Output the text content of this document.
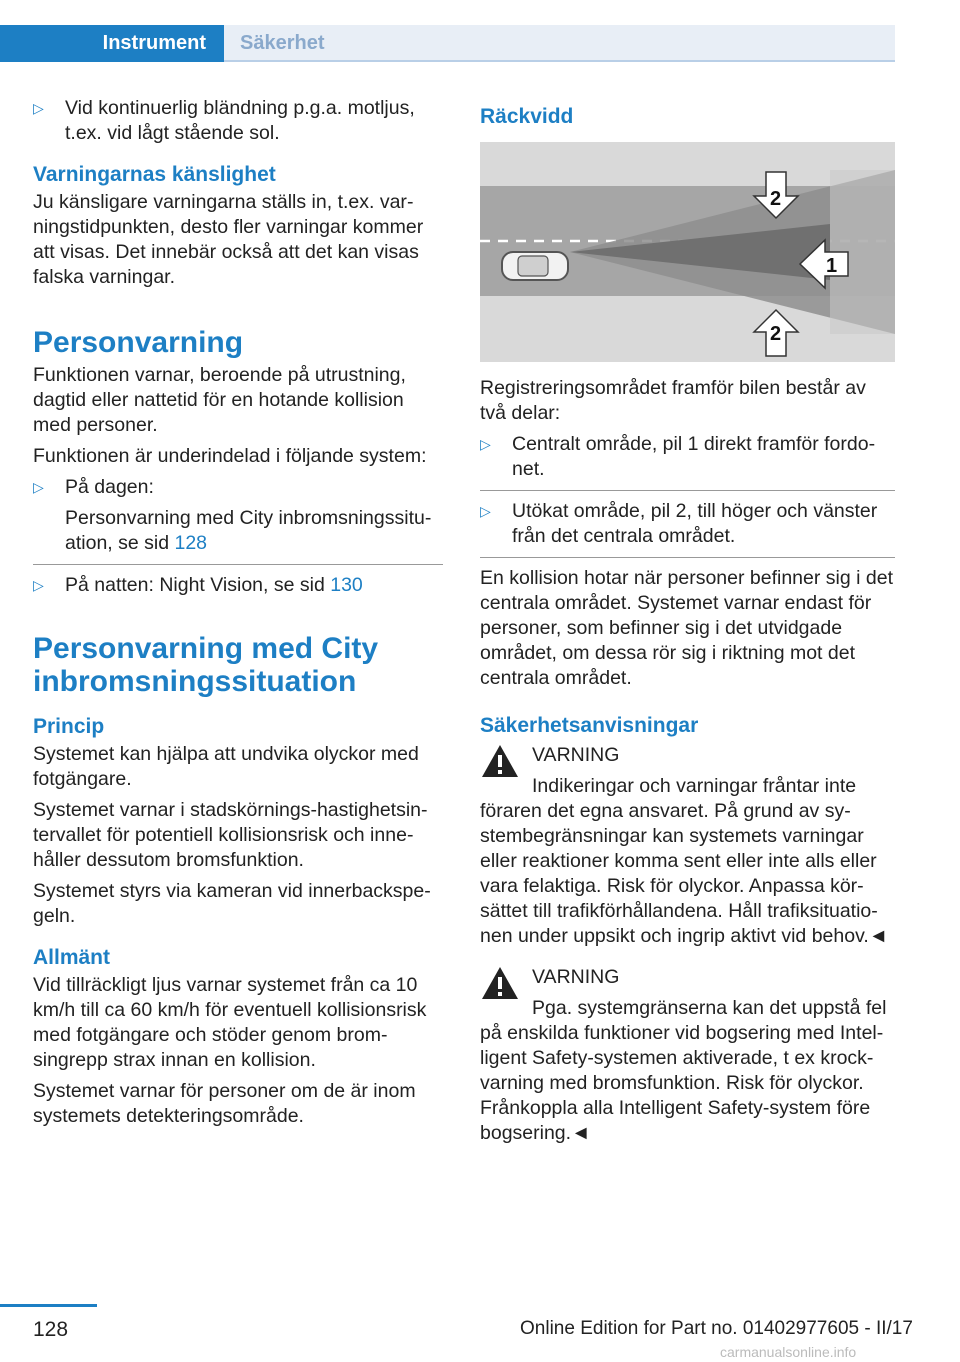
Instrument	Säkerhet
▷ Vid kontinuerlig bländning p.g.a. motljus, t.ex. vid lågt stående sol.
Varningarnas känslighet

Ju känsligare varningarna ställs in, t.ex. varningstidpunkten, desto fler varningar kommer att visas. Det innebär också att det kan visas falska varningar.

Personvarning

Funktionen varnar, beroende på utrustning, dagtid eller nattetid för en hotande kollision med personer.

Funktionen är underindelad i följande system:

▷ På dagen:
Personvarning med City inbromsningssituation, se sid 128
▷ På natten: Night Vision, se sid 130
Personvarning med City inbromsningssituation
Princip

Systemet kan hjälpa att undvika olyckor med fotgängare.

Systemet varnar i stadskörnings-hastighetsintervallet för potentiell kollisionsrisk och innehåller dessutom bromsfunktion.

Systemet styrs via kameran vid innerbackspegeln.

Allmänt

Vid tillräckligt ljus varnar systemet från ca 10 km/h till ca 60 km/h för eventuell kollisionsrisk med fotgängare och stöder genom bromsingrepp strax innan en kollision.

Systemet varnar för personer om de är inom systemets detekteringsområde.

Räckvidd
1
2
2

Registreringsområdet framför bilen består av två delar:

▷ Centralt område, pil 1 direkt framför fordonet.
▷ Utökat område, pil 2, till höger och vänster från det centrala området.

En kollision hotar när personer befinner sig i det centrala området. Systemet varnar endast för personer, som befinner sig i det utvidgade området, om dessa rör sig i riktning mot det centrala området.

Säkerhetsanvisningar
VARNING

Indikeringar och varningar fråntar inte föraren det egna ansvaret. På grund av systembegränsningar kan systemets varningar eller reaktioner komma sent eller inte alls eller vara felaktiga. Risk för olyckor. Anpassa körsättet till trafikförhållandena. Håll trafiksituationen under uppsikt och ingrip aktivt vid behov.◄

VARNING

Pga. systemgränserna kan det uppstå fel på enskilda funktioner vid bogsering med Intelligent Safety-systemen aktiverade, t ex krockvarning med bromsfunktion. Risk för olyckor. Frånkoppla alla Intelligent Safety-system före bogsering.◄

128	Online Edition for Part no. 01402977605 - II/17
carmanualsonline.info
